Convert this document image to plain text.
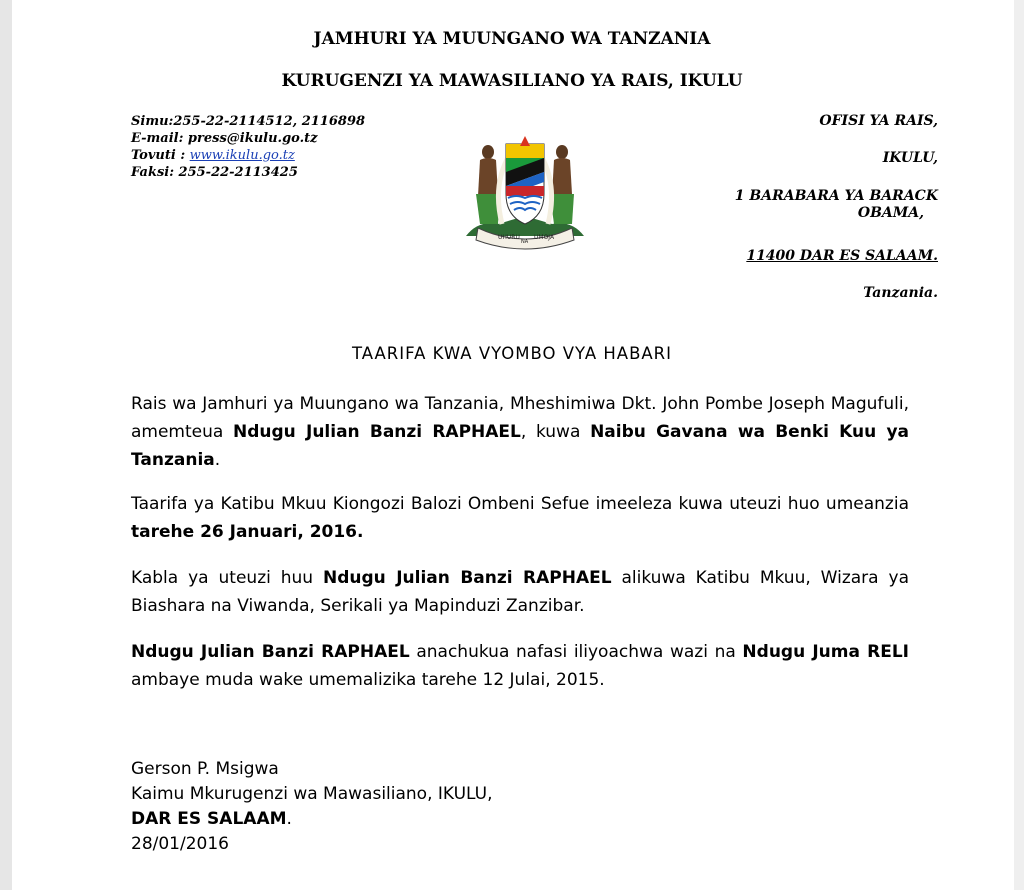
JAMHURI YA MUUNGANO WA TANZANIA
KURUGENZI YA MAWASILIANO YA RAIS, IKULU
Simu:255-22-2114512, 2116898
E-mail: press@ikulu.go.tz
Tovuti : www.ikulu.go.tz
Faksi: 255-22-2113425
OFISI YA RAIS,
IKULU,
1 BARABARA YA BARACK
OBAMA,
11400 DAR ES SALAAM.
Tanzania.
UHURU
NA
UMOJA
TAARIFA KWA VYOMBO VYA HABARI
Rais wa Jamhuri ya Muungano wa Tanzania, Mheshimiwa Dkt. John Pombe Joseph Magufuli, amemteua Ndugu Julian Banzi RAPHAEL, kuwa Naibu Gavana wa Benki Kuu ya Tanzania.
Taarifa ya Katibu Mkuu Kiongozi Balozi Ombeni Sefue imeeleza kuwa uteuzi huo umeanzia tarehe 26 Januari, 2016.
Kabla ya uteuzi huu Ndugu Julian Banzi RAPHAEL alikuwa Katibu Mkuu, Wizara ya Biashara na Viwanda, Serikali ya Mapinduzi Zanzibar.
Ndugu Julian Banzi RAPHAEL anachukua nafasi iliyoachwa wazi na Ndugu Juma RELI ambaye muda wake umemalizika tarehe 12 Julai, 2015.
Gerson P. Msigwa
Kaimu Mkurugenzi wa Mawasiliano, IKULU,
DAR ES SALAAM.
28/01/2016
